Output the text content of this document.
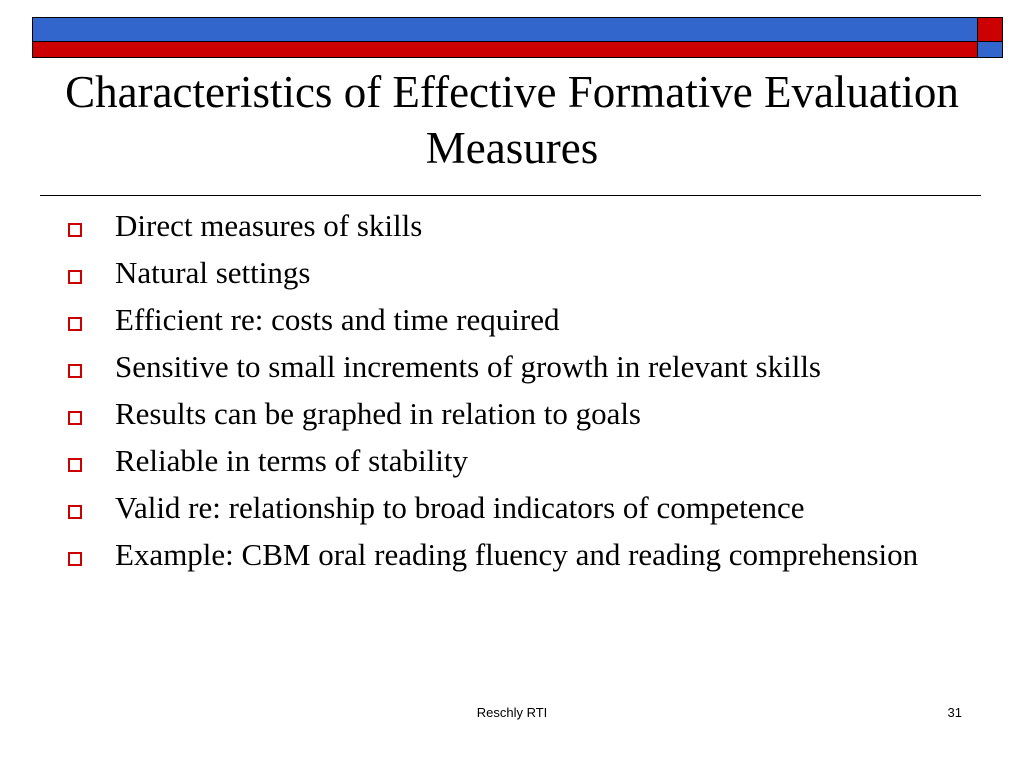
Characteristics of Effective Formative Evaluation Measures
Direct measures of skills
Natural settings
Efficient re: costs and time required
Sensitive to small increments of growth in relevant skills
Results can be graphed in relation to goals
Reliable in terms of stability
Valid re: relationship to broad indicators of competence
Example: CBM oral reading fluency and reading comprehension
Reschly RTI	31
